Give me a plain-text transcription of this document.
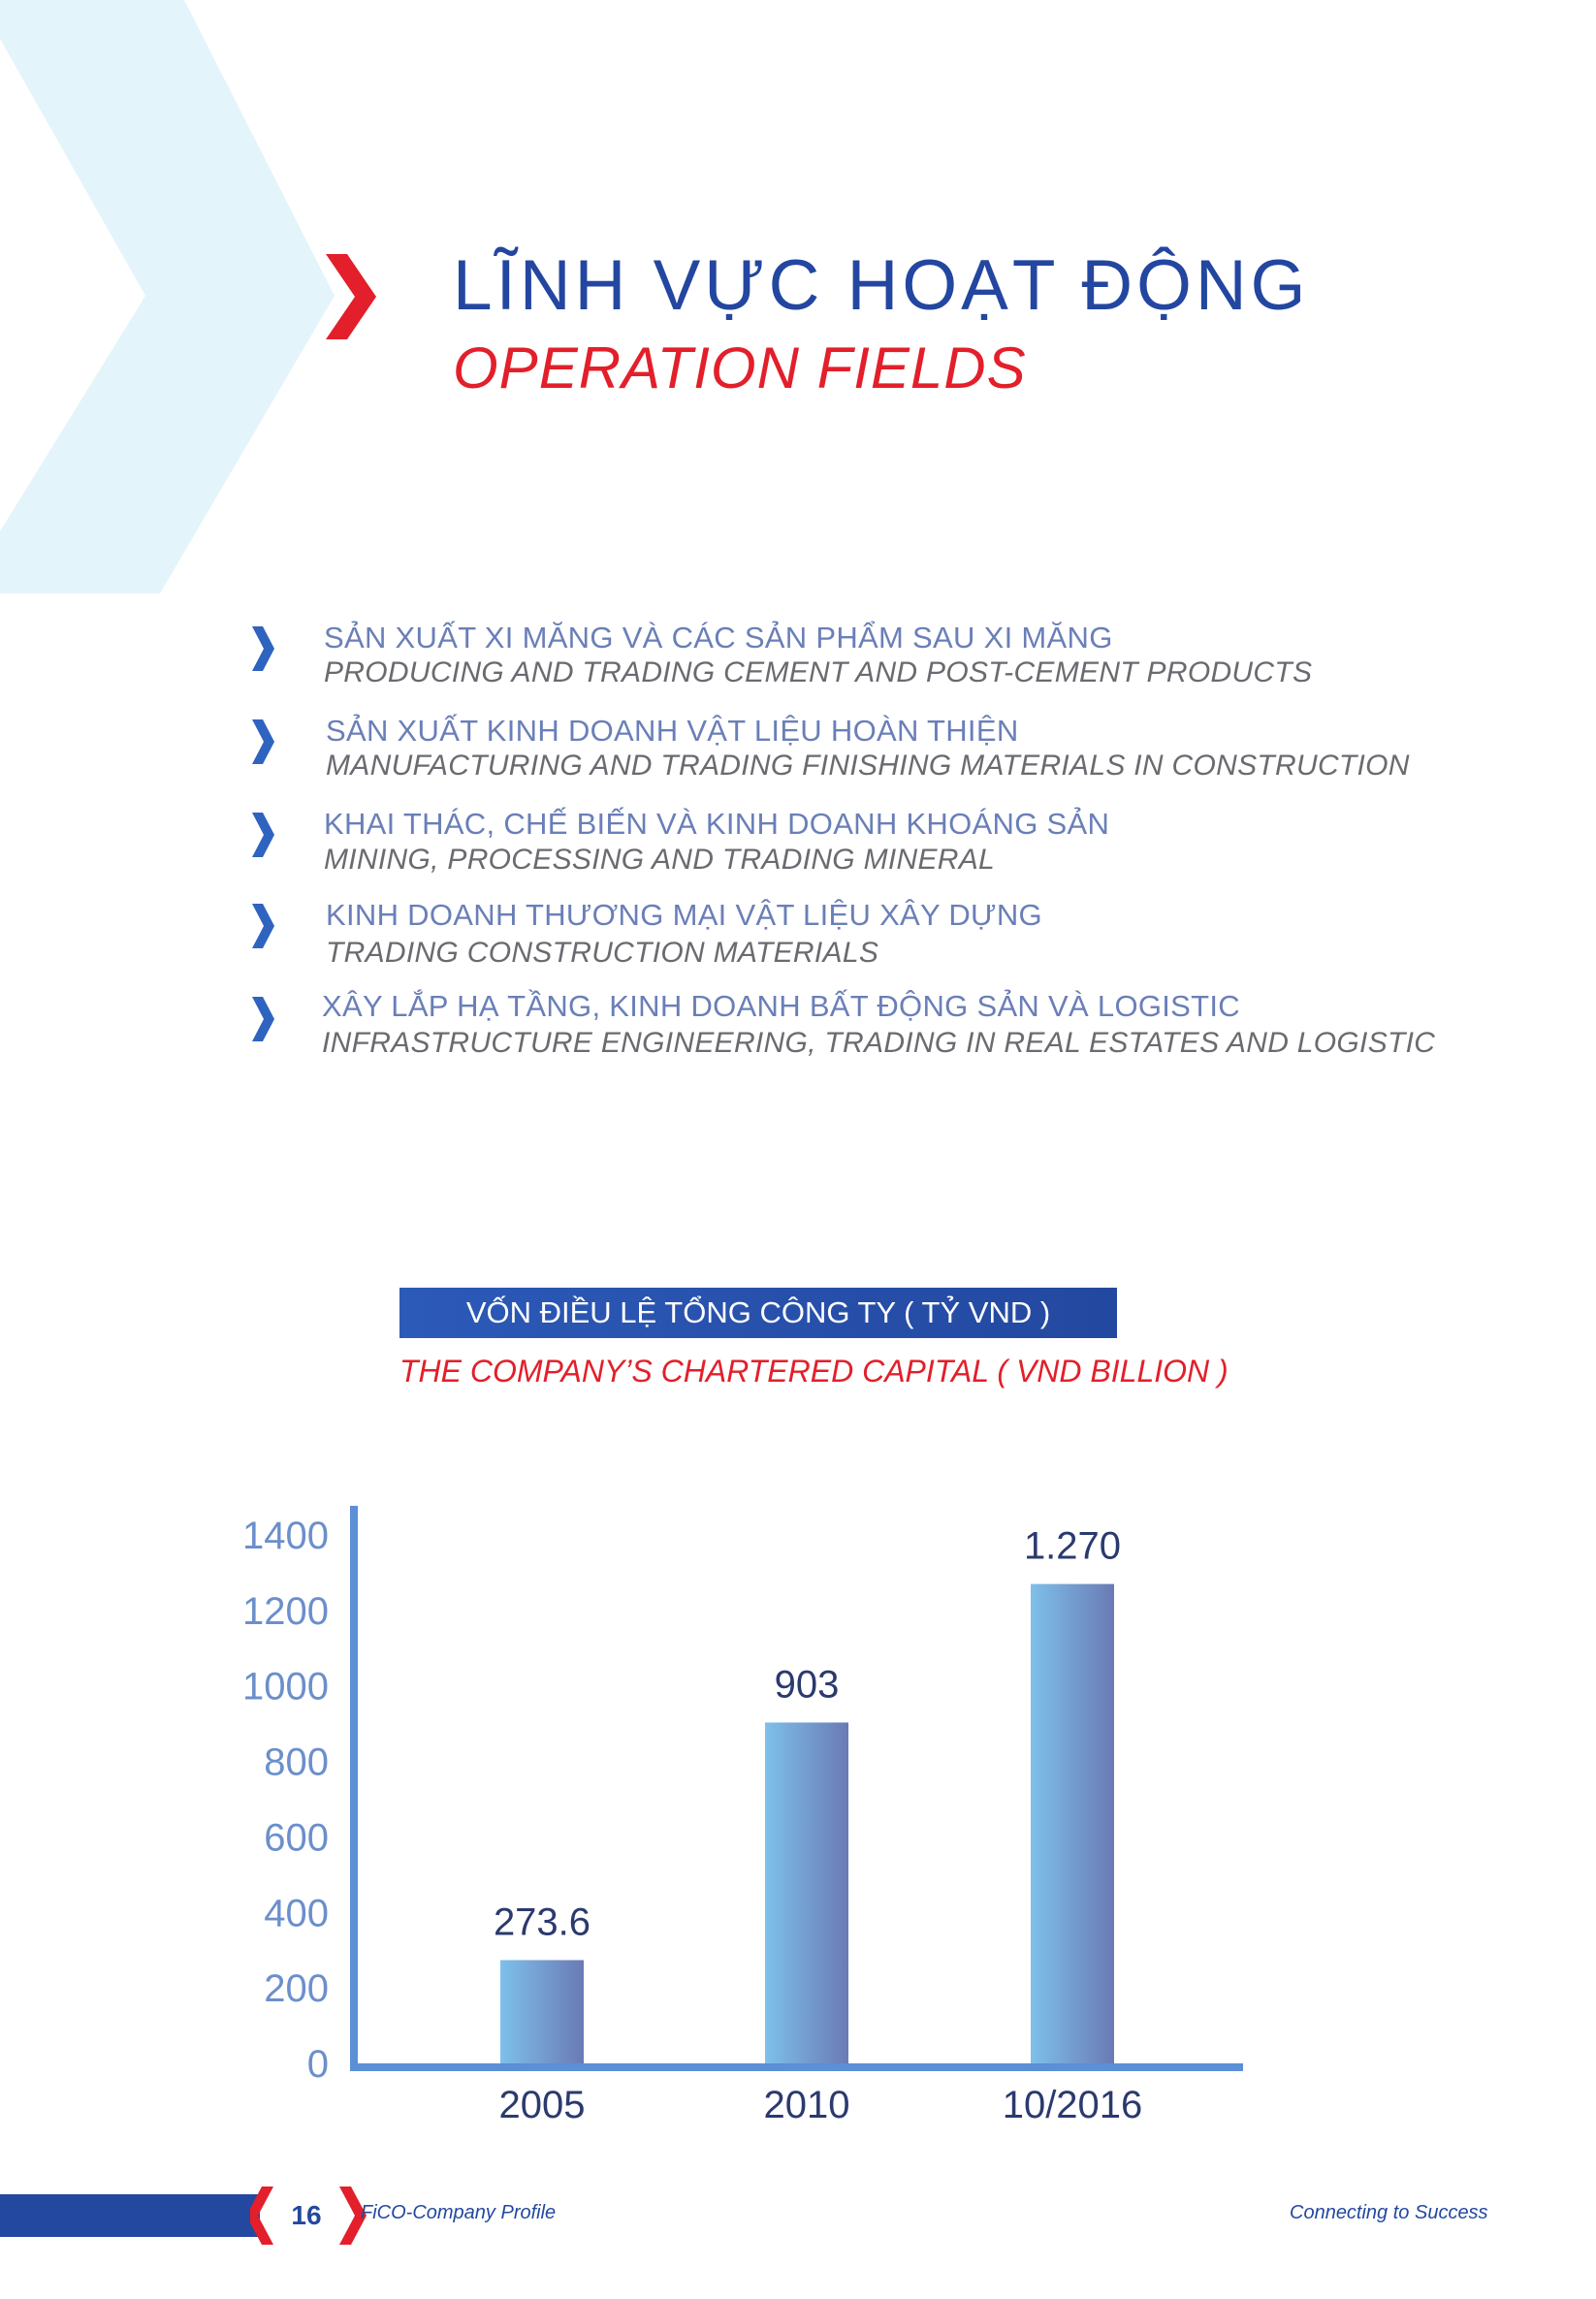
LĨNH VỰC HOẠT ĐỘNG
OPERATION FIELDS
SẢN XUẤT XI MĂNG VÀ CÁC SẢN PHẨM SAU XI MĂNG
PRODUCING AND TRADING CEMENT AND POST-CEMENT PRODUCTS
SẢN XUẤT KINH DOANH VẬT LIỆU HOÀN THIỆN
MANUFACTURING AND TRADING FINISHING MATERIALS IN CONSTRUCTION
KHAI THÁC, CHẾ BIẾN VÀ KINH DOANH KHOÁNG SẢN
MINING, PROCESSING AND TRADING MINERAL
KINH DOANH THƯƠNG MẠI VẬT LIỆU XÂY DỰNG
TRADING CONSTRUCTION MATERIALS
XÂY LẮP HẠ TẦNG, KINH DOANH BẤT ĐỘNG SẢN VÀ LOGISTIC
INFRASTRUCTURE ENGINEERING, TRADING IN REAL ESTATES AND LOGISTIC
VỐN ĐIỀU LỆ TỔNG CÔNG TY ( TỶ VND )
THE COMPANY’S CHARTERED CAPITAL ( VND BILLION )
0
200
400
600
800
1000
1200
1400
273.6
2005
903
2010
1.270
10/2016
16	FiCO-Company Profile	Connecting to Success
